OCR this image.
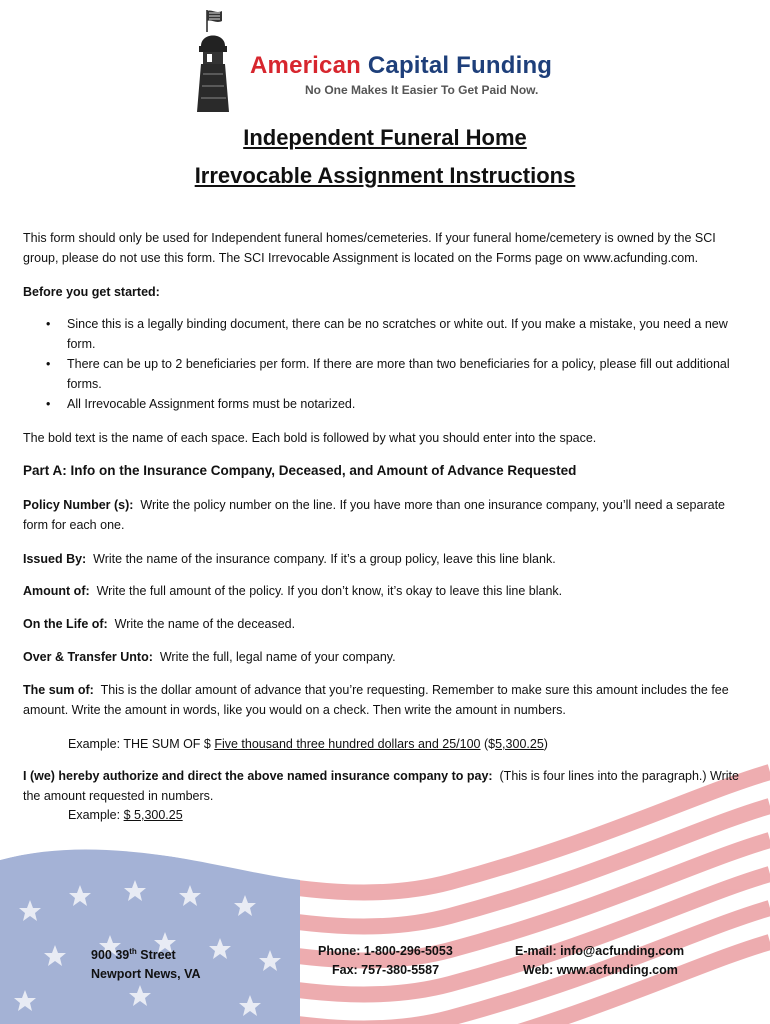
American Capital Funding
No One Makes It Easier To Get Paid Now.
Independent Funeral Home
Irrevocable Assignment Instructions

This form should only be used for Independent funeral homes/cemeteries. If your funeral home/cemetery is owned by the SCI group, please do not use this form. The SCI Irrevocable Assignment is located on the Forms page on www.acfunding.com.

Before you get started:

• Since this is a legally binding document, there can be no scratches or white out. If you make a mistake, you need a new form.
• There can be up to 2 beneficiaries per form. If there are more than two beneficiaries for a policy, please fill out additional forms.
• All Irrevocable Assignment forms must be notarized.

The bold text is the name of each space. Each bold is followed by what you should enter into the space.

Part A: Info on the Insurance Company, Deceased, and Amount of Advance Requested

Policy Number (s): Write the policy number on the line. If you have more than one insurance company, you’ll need a separate form for each one.

Issued By: Write the name of the insurance company. If it’s a group policy, leave this line blank.

Amount of: Write the full amount of the policy. If you don’t know, it’s okay to leave this line blank.

On the Life of: Write the name of the deceased.

Over & Transfer Unto: Write the full, legal name of your company.

The sum of: This is the dollar amount of advance that you’re requesting. Remember to make sure this amount includes the fee amount. Write the amount in words, like you would on a check. Then write the amount in numbers.

Example: THE SUM OF $ Five thousand three hundred dollars and 25/100 ($5,300.25)

I (we) hereby authorize and direct the above named insurance company to pay: (This is four lines into the paragraph.) Write the amount requested in numbers.

Example: $ 5,300.25

900 39th Street
Newport News, VA
Phone: 1-800-296-5053
Fax: 757-380-5587
E-mail: info@acfunding.com
Web: www.acfunding.com
